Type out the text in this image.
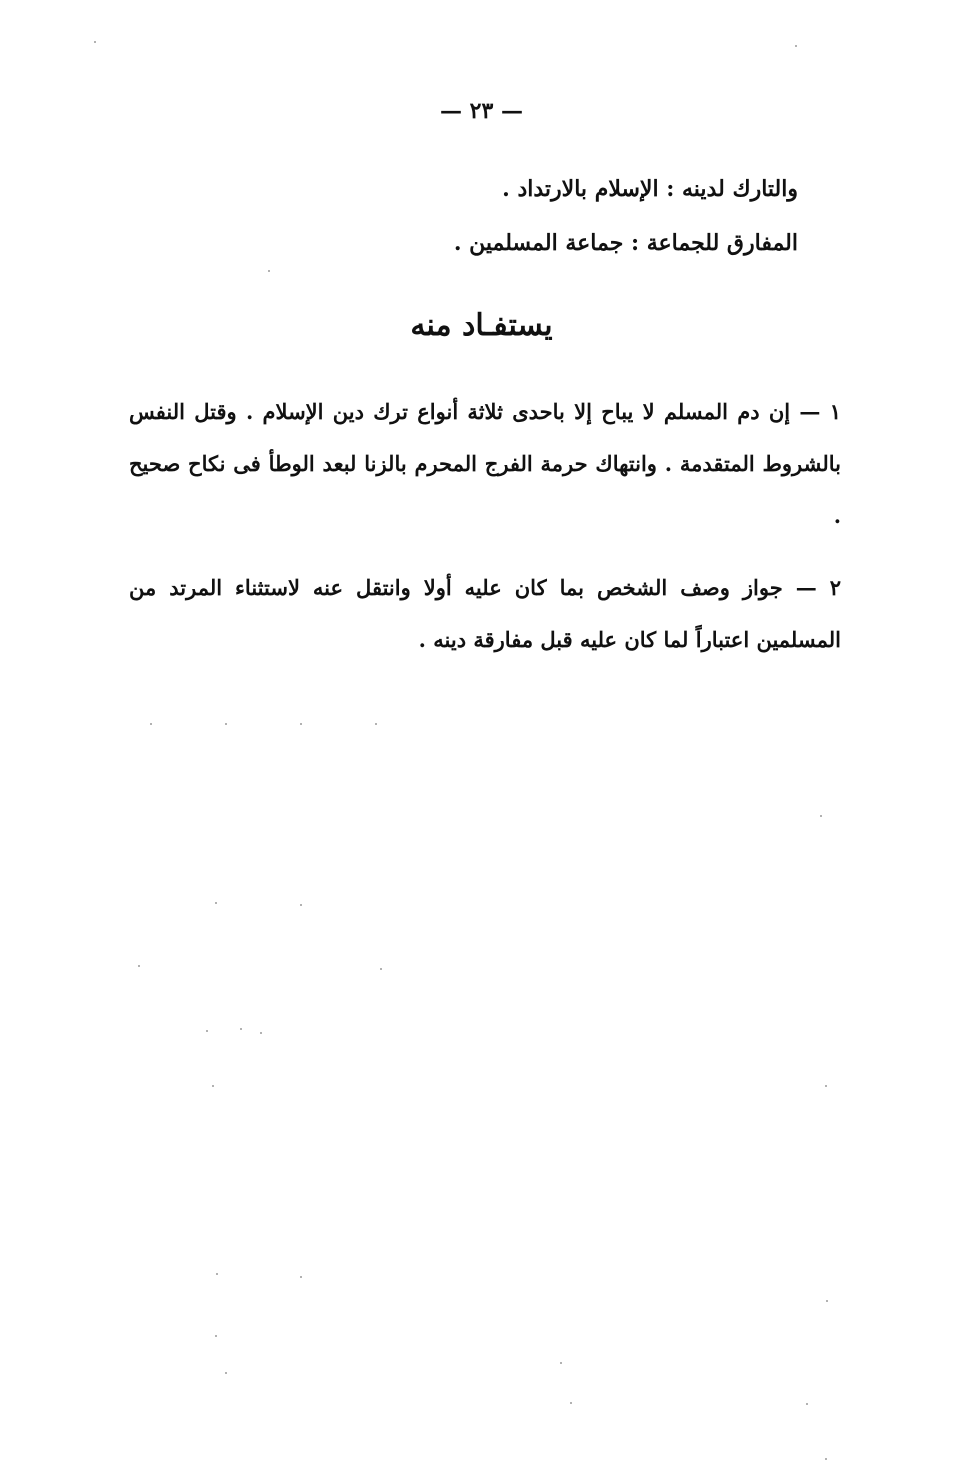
— ٢٣ —
والتارك لدينه : الإسلام بالارتداد .
المفارق للجماعة : جماعة المسلمين .
يستفـاد منه
١ — إن دم المسلم لا يباح إلا باحدى ثلاثة أنواع ترك دين الإسلام . وقتل النفس بالشروط المتقدمة . وانتهاك حرمة الفرج المحرم بالزنا لبعد الوطأ فى نكاح صحيح .
٢ — جواز وصف الشخص بما كان عليه أولا وانتقل عنه لاستثناء المرتد من المسلمين اعتباراً لما كان عليه قبل مفارقة دينه .
